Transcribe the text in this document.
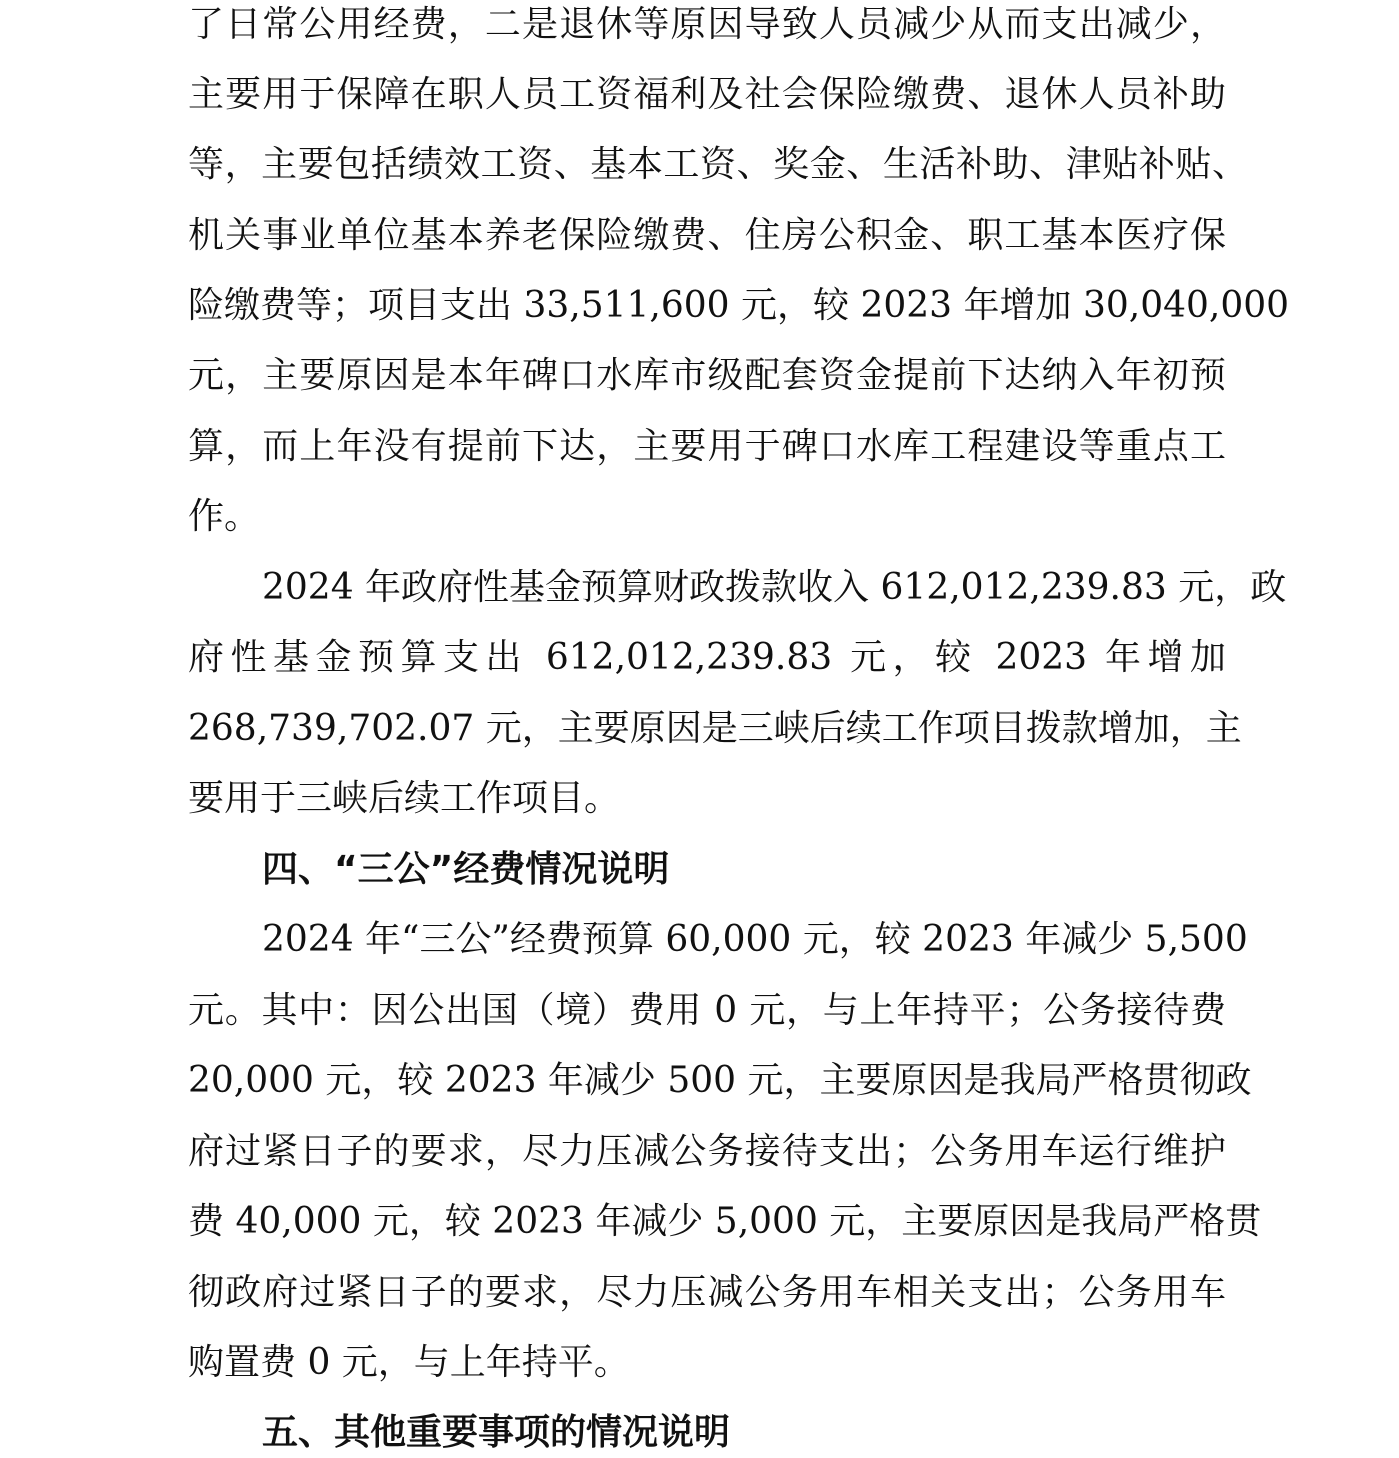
了日常公用经费，二是退休等原因导致人员减少从而支出减少，
主要用于保障在职人员工资福利及社会保险缴费、退休人员补助
等，主要包括绩效工资、基本工资、奖金、生活补助、津贴补贴、
机关事业单位基本养老保险缴费、住房公积金、职工基本医疗保
险缴费等；项目支出 33,511,600 元，较 2023 年增加 30,040,000
元，主要原因是本年碑口水库市级配套资金提前下达纳入年初预
算，而上年没有提前下达，主要用于碑口水库工程建设等重点工
作。
2024 年政府性基金预算财政拨款收入 612,012,239.83 元，政
府性基金预算支出 612,012,239.83 元，较 2023 年增加
268,739,702.07 元，主要原因是三峡后续工作项目拨款增加，主
要用于三峡后续工作项目。
四、“三公”经费情况说明
2024 年“三公”经费预算 60,000 元，较 2023 年减少 5,500
元。其中：因公出国（境）费用 0 元，与上年持平；公务接待费
20,000 元，较 2023 年减少 500 元，主要原因是我局严格贯彻政
府过紧日子的要求，尽力压减公务接待支出；公务用车运行维护
费 40,000 元，较 2023 年减少 5,000 元，主要原因是我局严格贯
彻政府过紧日子的要求，尽力压减公务用车相关支出；公务用车
购置费 0 元，与上年持平。
五、其他重要事项的情况说明
